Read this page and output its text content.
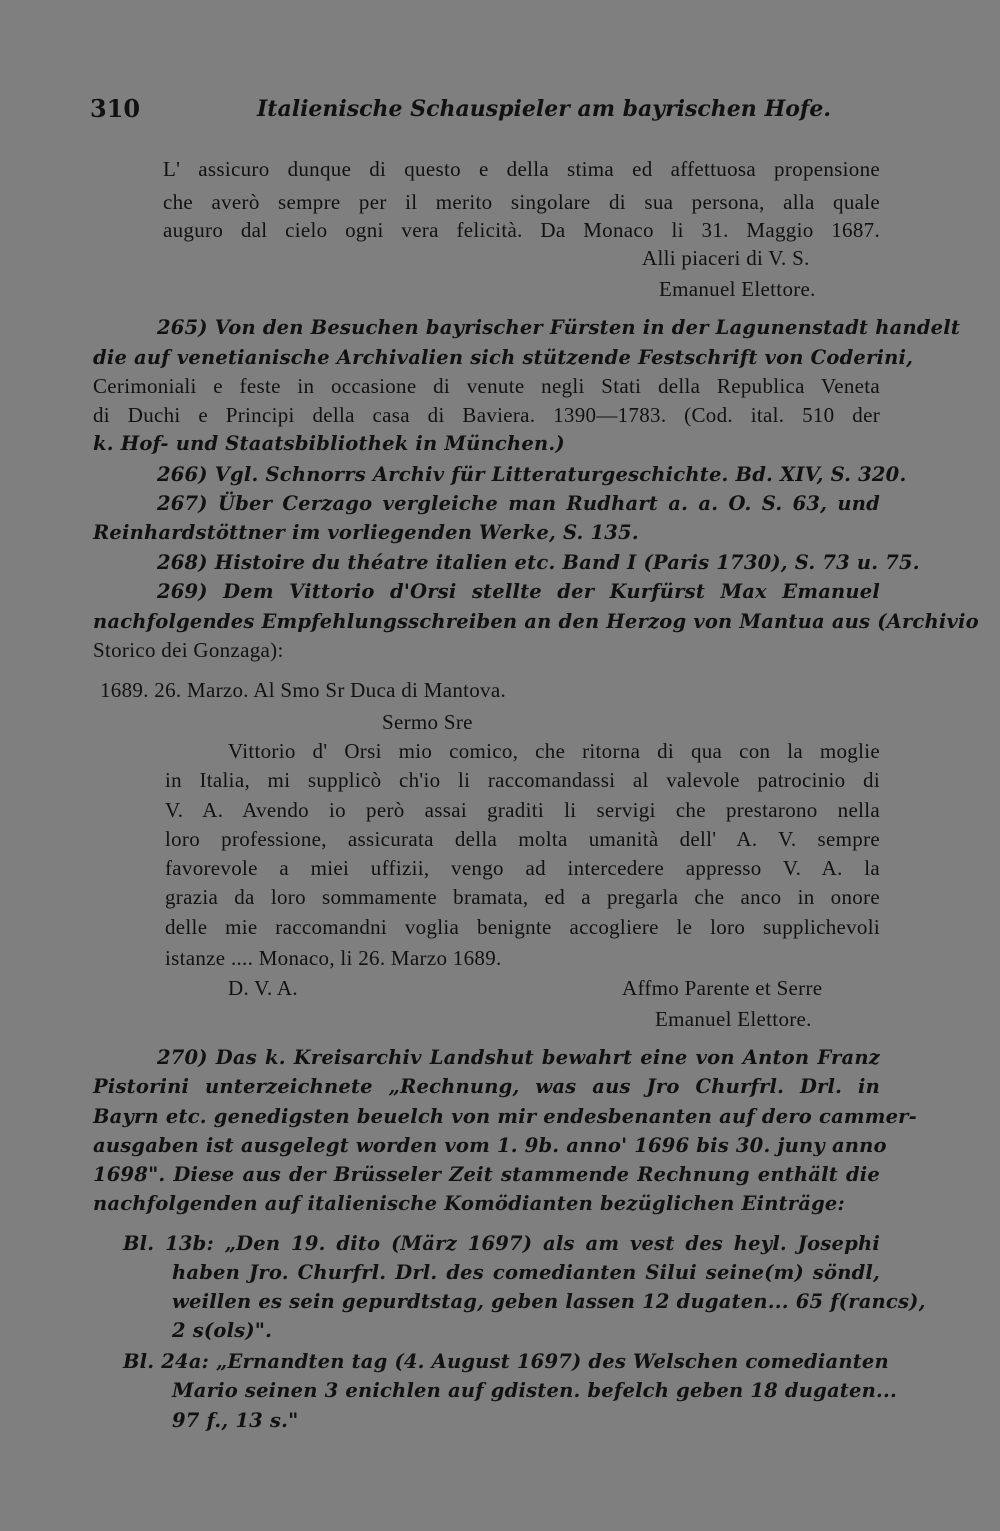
310	Italienische Schauspieler am bayrischen Hofe.

L' assicuro dunque di questo e della stima ed affettuosa propensione

che averò sempre per il merito singolare di sua persona, alla quale

auguro dal cielo ogni vera felicità. Da Monaco li 31. Maggio 1687.

Alli piaceri di V. S.

Emanuel Elettore.

265) Von den Besuchen bayrischer Fürsten in der Lagunenstadt handelt

die auf venetianische Archivalien sich stützende Festschrift von Coderini,

Cerimoniali e feste in occasione di venute negli Stati della Republica Veneta

di Duchi e Principi della casa di Baviera. 1390—1783. (Cod. ital. 510 der

k. Hof- und Staatsbibliothek in München.)

266) Vgl. Schnorrs Archiv für Litteraturgeschichte. Bd. XIV, S. 320.

267) Über Cerzago vergleiche man Rudhart a. a. O. S. 63, und

Reinhardstöttner im vorliegenden Werke, S. 135.

268) Histoire du théatre italien etc. Band I (Paris 1730), S. 73 u. 75.

269) Dem Vittorio d'Orsi stellte der Kurfürst Max Emanuel

nachfolgendes Empfehlungsschreiben an den Herzog von Mantua aus (Archivio

Storico dei Gonzaga):

1689. 26. Marzo. Al Smo Sr Duca di Mantova.

Sermo Sre

Vittorio d' Orsi mio comico, che ritorna di qua con la moglie

in Italia, mi supplicò ch'io li raccomandassi al valevole patrocinio di

V. A. Avendo io però assai graditi li servigi che prestarono nella

loro professione, assicurata della molta umanità dell' A. V. sempre

favorevole a miei uffizii, vengo ad intercedere appresso V. A. la

grazia da loro sommamente bramata, ed a pregarla che anco in onore

delle mie raccomandni voglia benignte accogliere le loro supplichevoli

istanze .... Monaco, li 26. Marzo 1689.

D. V. A.	Affmo Parente et Serre

Emanuel Elettore.

270) Das k. Kreisarchiv Landshut bewahrt eine von Anton Franz

Pistorini unterzeichnete „Rechnung, was aus Jro Churfrl. Drl. in

Bayrn etc. genedigsten beuelch von mir endesbenanten auf dero cammer-

ausgaben ist ausgelegt worden vom 1. 9b. anno' 1696 bis 30. juny anno

1698". Diese aus der Brüsseler Zeit stammende Rechnung enthält die

nachfolgenden auf italienische Komödianten bezüglichen Einträge:

Bl. 13b: „Den 19. dito (März 1697) als am vest des heyl. Josephi

haben Jro. Churfrl. Drl. des comedianten Silui seine(m) söndl,

weillen es sein gepurdtstag, geben lassen 12 dugaten... 65 f(rancs),

2 s(ols)".

Bl. 24a: „Ernandten tag (4. August 1697) des Welschen comedianten

Mario seinen 3 enichlen auf gdisten. befelch geben 18 dugaten...

97 f., 13 s."
